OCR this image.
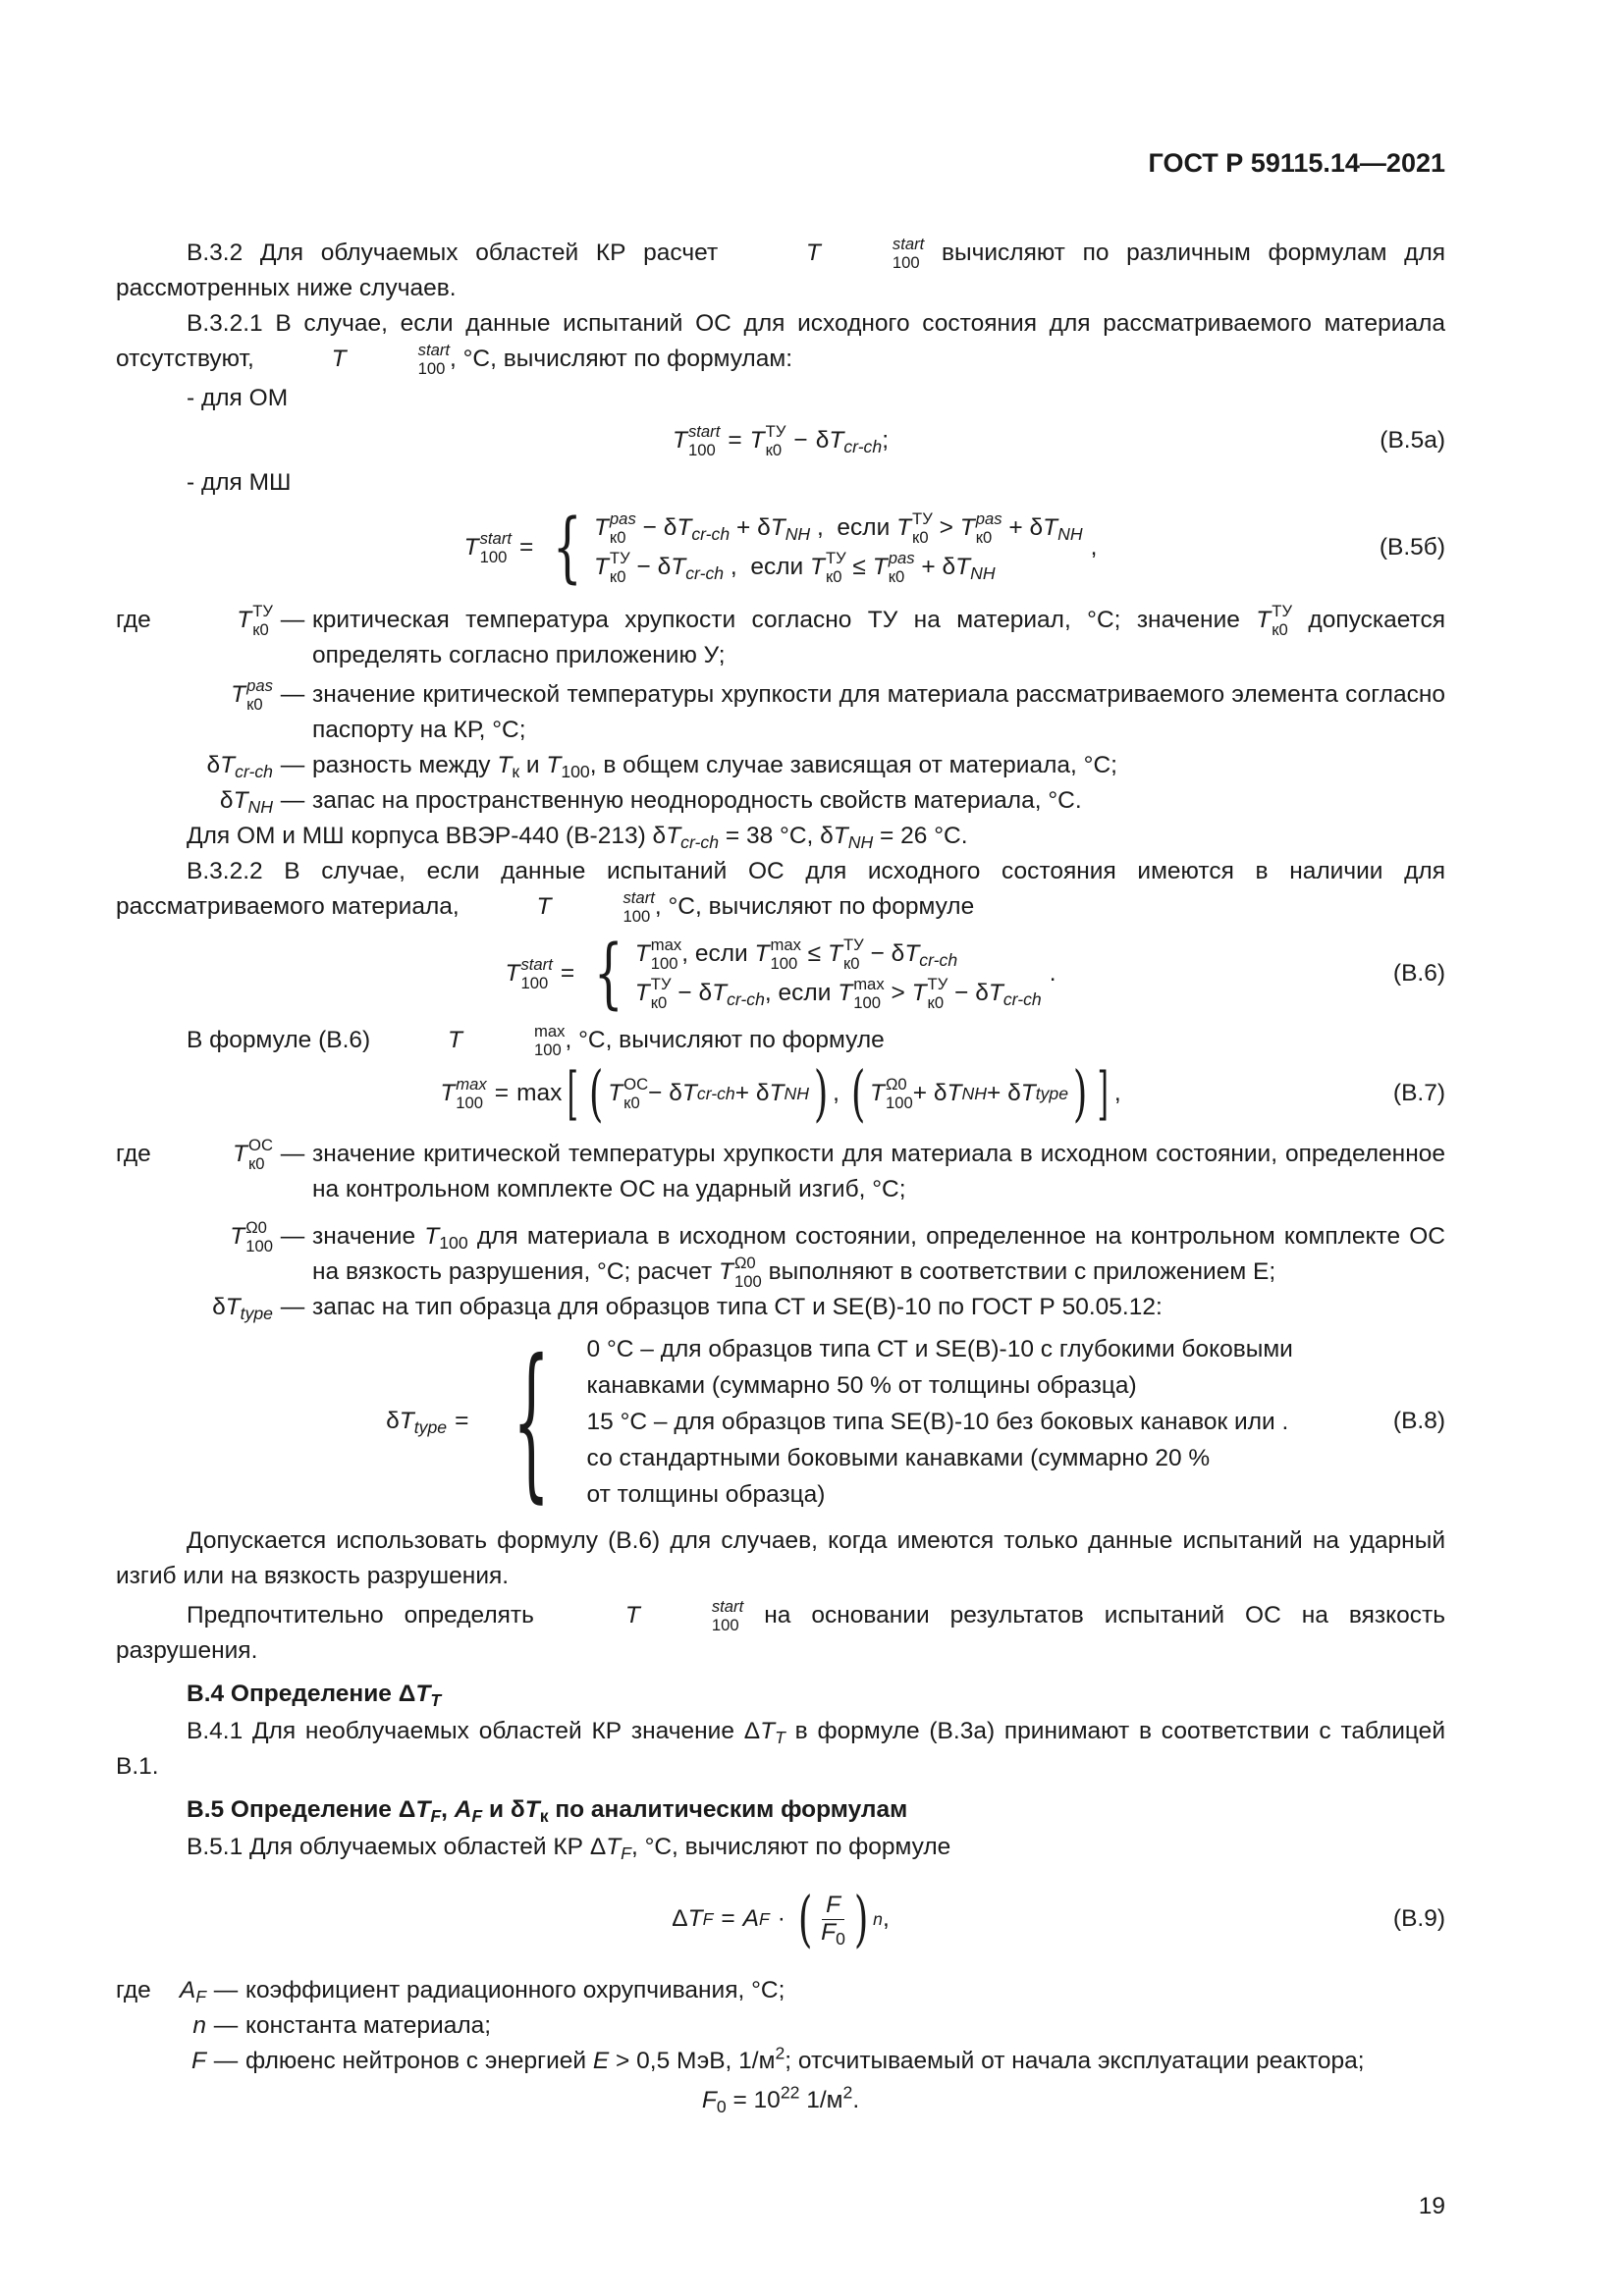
ГОСТ Р 59115.14—2021

В.3.2 Для облучаемых областей КР расчет	T	start
100 вычисляют по различным формулам для рассмотренных ниже случаев.

В.3.2.1 В случае, если данные испытаний ОС для исходного состояния для рассматриваемого материала отсутствуют,	T	start
100 , °С, вычисляют по формулам:

- для ОМ

T start
100 = T ТУ
$к0 - \delta T_{cr-ch}$;	(В.5а)

- для МШ

T start
100 = { T pas
$к0 - \delta T_{cr-ch} + \delta T_{NH}$ ,  если T ТУ
к0 > T pas
$к0 + \delta T_{NH}$
T ТУ
$к0 - \delta T_{cr-ch}$ ,  если T ТУ
к0 ≤ T pas
$к0 + \delta T_{NH}$
,	(В.5б)
где	T ТУ
к0 — критическая температура хрупкости согласно ТУ на материал, °С; значение T ТУ
к0 допускается определять согласно приложению У;
T pas
к0 — значение критической температуры хрупкости для материала рассматриваемого элемента согласно паспорту на КР, °С;
$\delta T_{cr-ch}$ — разность между $T_к$ и $T_{100}$, в общем случае зависящая от материала, °С;
$\delta T_{NH}$ — запас на пространственную неоднородность свойств материала, °С.

Для ОМ и МШ корпуса ВВЭР-440 (В-213) $\delta T_{cr-ch} = 38$ °С, $\delta T_{NH} = 26$ °С.

В.3.2.2 В случае, если данные испытаний ОС для исходного состояния имеются в наличии для рассматриваемого материала,	T	start
100 , °С, вычисляют по формуле

T start
100 = { T max
100 , если T max
100 ≤ T ТУ
$к0 - \delta T_{cr-ch}$
T ТУ
$к0 - \delta T_{cr-ch}$, если T max
100 > T ТУ
$к0 - \delta T_{cr-ch}$
.	(В.6)

В формуле (В.6)	T	max
100 , °С, вычисляют по формуле

T max
100 = max [ ( T ОС
к0 − δ T cr-ch + δ T NH ) , ( T Ω0
100 + δ T NH + δ T type ) ] ,	(В.7)
где	T ОС
к0 — значение критической температуры хрупкости для материала в исходном состоянии, определенное на контрольном комплекте ОС на ударный изгиб, °С;
T Ω0
100 — значение $T_{100}$ для материала в исходном состоянии, определенное на контрольном комплекте ОС на вязкость разрушения, °С; расчет T Ω0
100 выполняют в соответствии с приложением Е;
$\delta T_{type}$ — запас на тип образца для образцов типа СТ и SE(B)-10 по ГОСТ Р 50.05.12:
$\delta T_{type}$ = { 0 °С – для образцов типа СТ и SE(B)-10 с глубокими боковыми
канавками (суммарно 50 % от толщины образца)
15 °С – для образцов типа SE(B)-10 без боковых канавок или .
со стандартными боковыми канавками (суммарно 20 %
от толщины образца)
(В.8)

Допускается использовать формулу (В.6) для случаев, когда имеются только данные испытаний на ударный изгиб или на вязкость разрушения.

Предпочтительно определять	T	start
100 на основании результатов испытаний ОС на вязкость разрушения.

В.4 Определение $\Delta T_T$

В.4.1 Для необлучаемых областей КР значение $\Delta T_T$ в формуле (В.3а) принимают в соответствии с таблицей В.1.

В.5 Определение $\Delta T_F$, $A_F$ и $\delta T_к$ по аналитическим формулам

В.5.1 Для облучаемых областей КР $\Delta T_F$, °С, вычисляют по формуле

Δ T F = A F · ( $\frac{F}{F_0}$ ) n ,	(В.9)
где $A_F$ — коэффициент радиационного охрупчивания, °С;
n — константа материала;
F — флюенс нейтронов с энергией E > 0,5 МэВ, $1/м^2$; отсчитываемый от начала эксплуатации реактора;
$F_0 = 10^{22}$ $1/м^2$.
19
